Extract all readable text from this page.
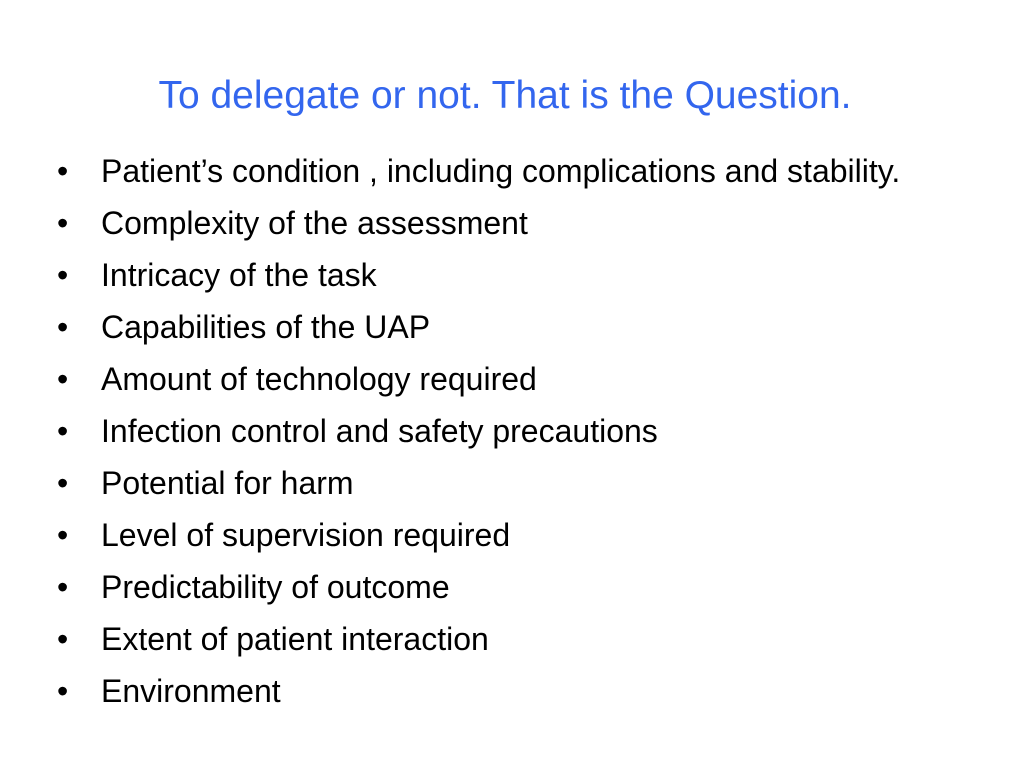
To delegate or not. That is the Question.
•	Patient’s condition , including complications and stability.
•	Complexity of the assessment
•	Intricacy of the task
•	Capabilities of the UAP
•	Amount of technology required
•	Infection control and safety precautions
•	Potential for harm
•	Level of supervision required
•	Predictability of outcome
•	Extent of patient interaction
•	Environment
